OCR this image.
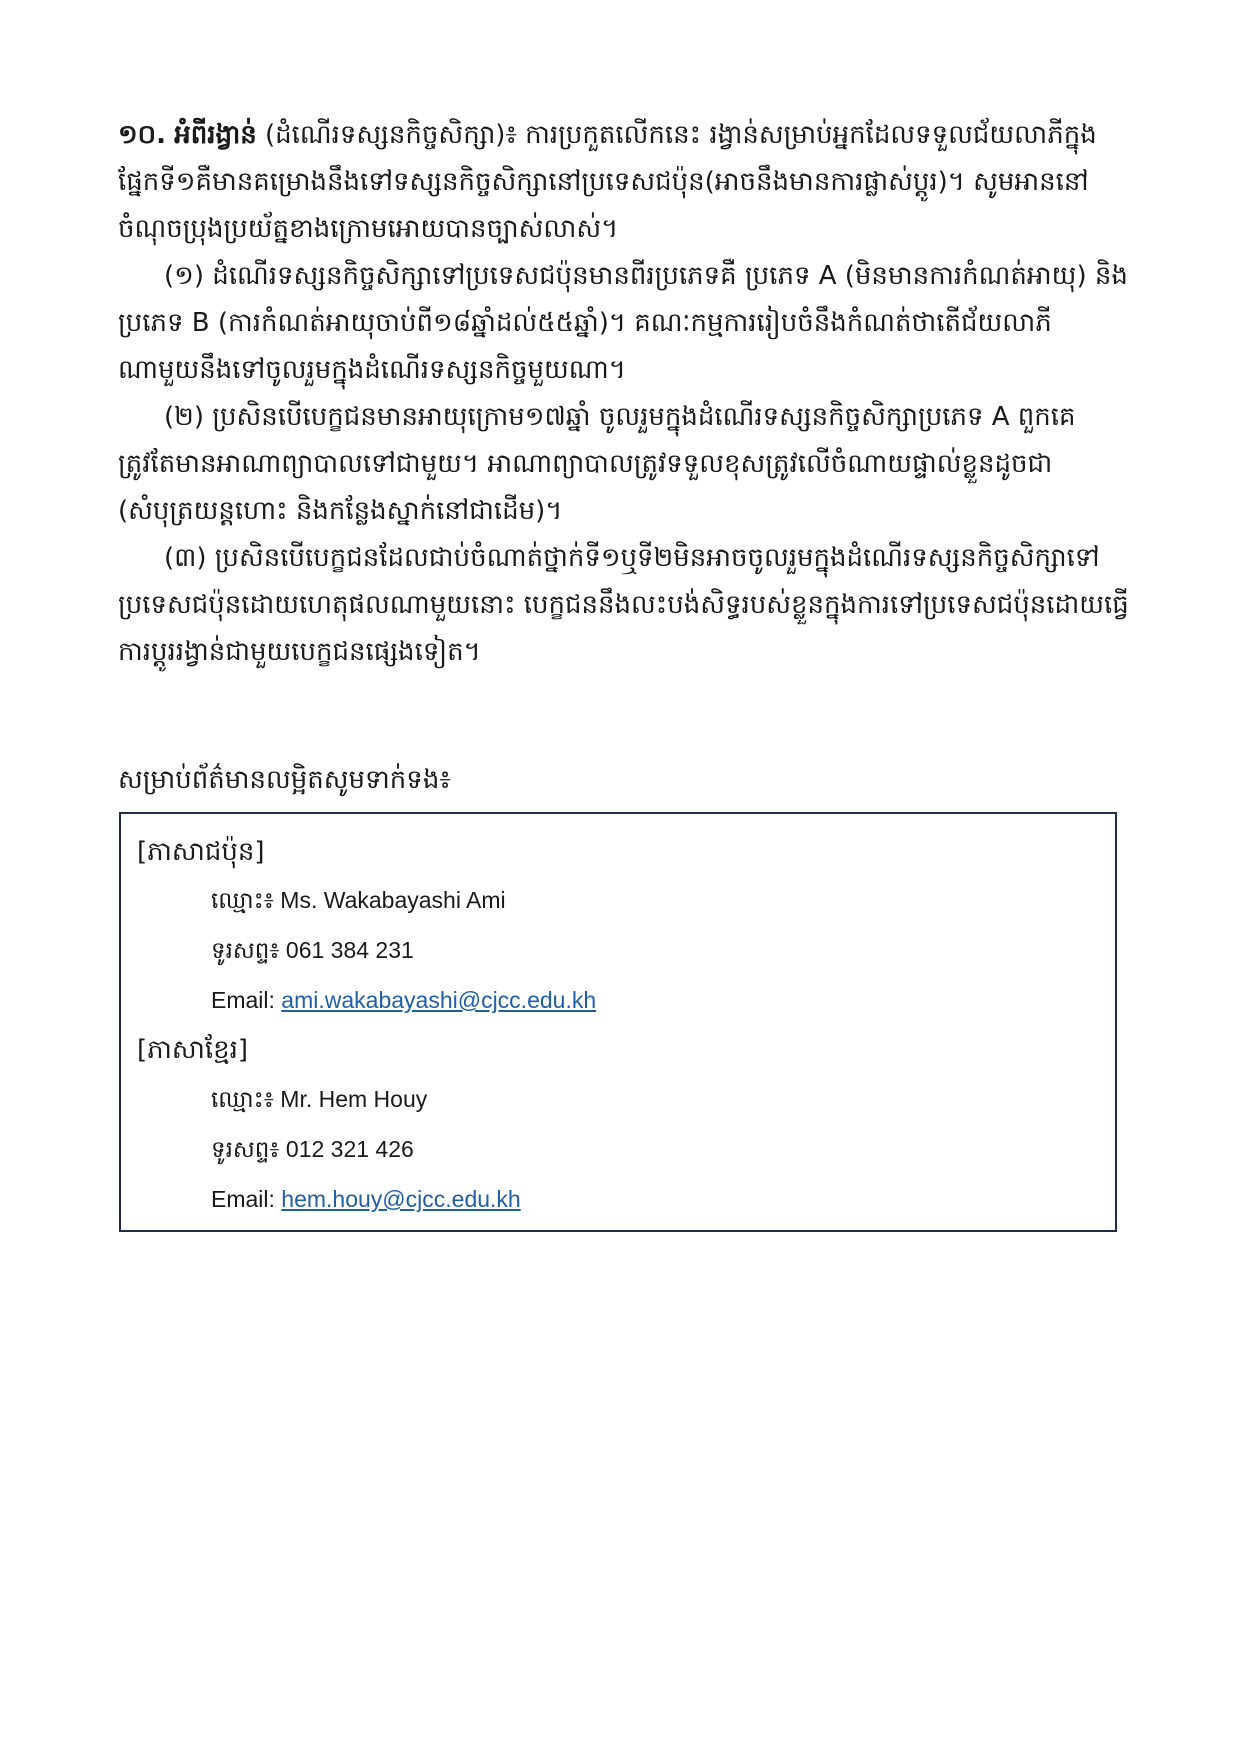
១០. អំពីរង្វាន់ (ដំណើរទស្សនកិច្ចសិក្សា)៖ ការប្រកួតលើកនេះ រង្វាន់សម្រាប់អ្នកដែលទទួលជ័យលាភីក្នុងផ្នែកទី១គឺមានគម្រោងនឹងទៅទស្សនកិច្ចសិក្សានៅប្រទេសជប៉ុន(អាចនឹងមានការផ្លាស់ប្តូរ)។ សូមអាននៅចំណុចប្រុងប្រយ័ត្នខាងក្រោមអោយបានច្បាស់លាស់។

(១) ដំណើរទស្សនកិច្ចសិក្សាទៅប្រទេសជប៉ុនមានពីរប្រភេទគឺ ប្រភេទ A (មិនមានការកំណត់អាយុ) និងប្រភេទ B (ការកំណត់អាយុចាប់ពី១៨ឆ្នាំដល់៥៥ឆ្នាំ)។ គណៈកម្មការរៀបចំនឹងកំណត់ថាតើជ័យលាភីណាមួយនឹងទៅចូលរួមក្នុងដំណើរទស្សនកិច្ចមួយណា។

(២) ប្រសិនបើបេក្ខជនមានអាយុក្រោម១៧ឆ្នាំ ចូលរួមក្នុងដំណើរទស្សនកិច្ចសិក្សាប្រភេទ A ពួកគេត្រូវតែមានអាណាព្យាបាលទៅជាមួយ។ អាណាព្យាបាលត្រូវទទួលខុសត្រូវលើចំណាយផ្ទាល់ខ្លួនដូចជា (សំបុត្រយន្តហោះ និងកន្លែងស្នាក់នៅជាដើម)។

(៣) ប្រសិនបើបេក្ខជនដែលជាប់ចំណាត់ថ្នាក់ទី១ឬទី២មិនអាចចូលរួមក្នុងដំណើរទស្សនកិច្ចសិក្សាទៅប្រទេសជប៉ុនដោយហេតុផលណាមួយនោះ បេក្ខជននឹងលះបង់សិទ្ធរបស់ខ្លួនក្នុងការទៅប្រទេសជប៉ុនដោយធ្វើការប្តូររង្វាន់ជាមួយបេក្ខជនផ្សេងទៀត។

សម្រាប់ព័ត៌មានលម្អិតសូមទាក់ទង៖
[ភាសាជប៉ុន]
ឈ្មោះ៖ Ms. Wakabayashi Ami
ទូរសព្ទ៖ 061 384 231
Email: ami.wakabayashi@cjcc.edu.kh
[ភាសាខ្មែរ]
ឈ្មោះ៖ Mr. Hem Houy
ទូរសព្ទ៖ 012 321 426
Email: hem.houy@cjcc.edu.kh
